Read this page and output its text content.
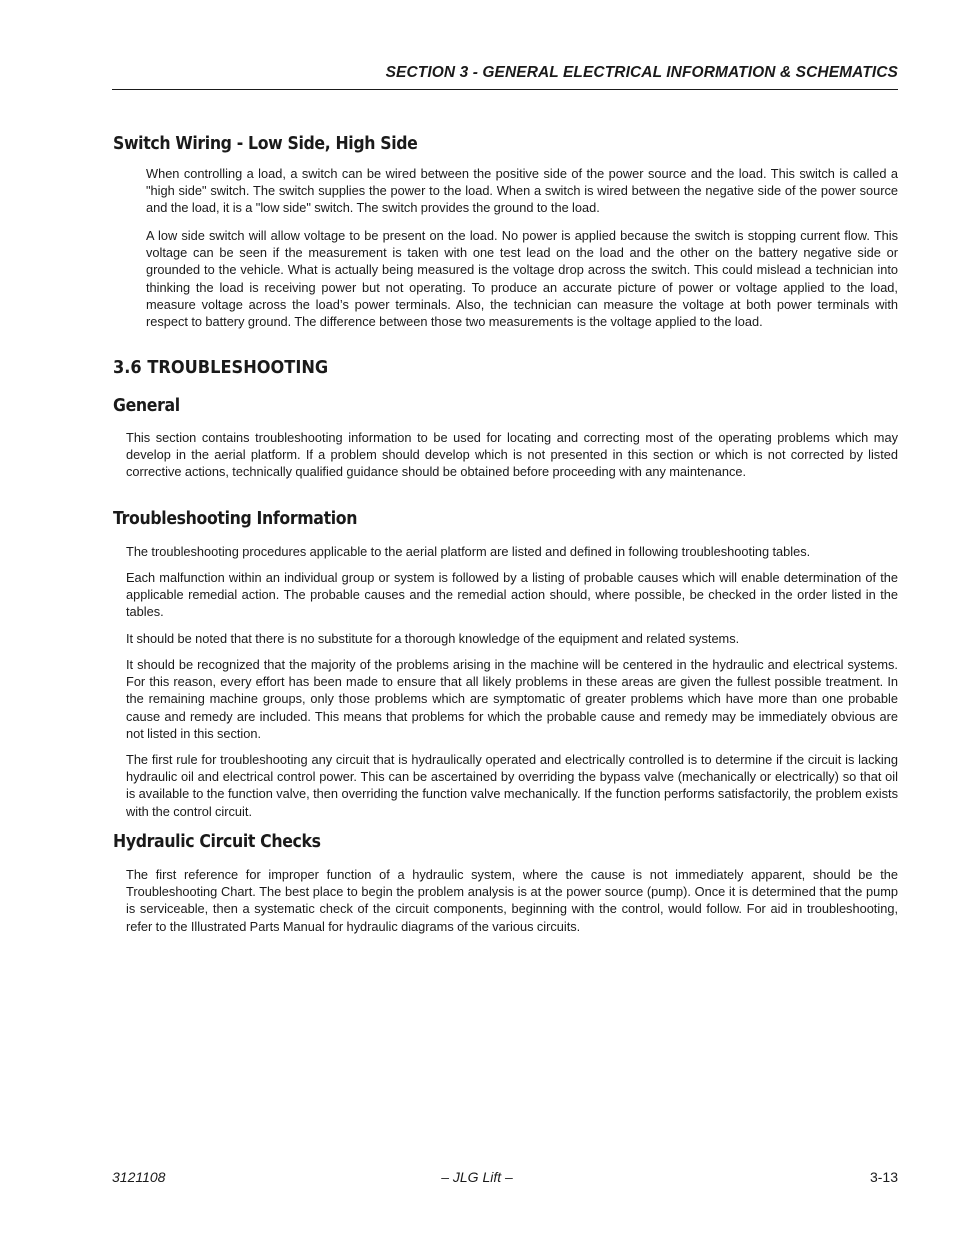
SECTION 3 - GENERAL ELECTRICAL INFORMATION & SCHEMATICS
Switch Wiring - Low Side, High Side
When controlling a load, a switch can be wired between the positive side of the power source and the load. This switch is called a "high side" switch. The switch supplies the power to the load. When a switch is wired between the negative side of the power source and the load, it is a "low side" switch. The switch provides the ground to the load.
A low side switch will allow voltage to be present on the load. No power is applied because the switch is stopping current flow. This voltage can be seen if the measurement is taken with one test lead on the load and the other on the battery negative side or grounded to the vehicle. What is actually being measured is the voltage drop across the switch. This could mislead a technician into thinking the load is receiving power but not operating. To produce an accurate picture of power or voltage applied to the load, measure voltage across the load’s power terminals. Also, the technician can measure the voltage at both power terminals with respect to battery ground. The difference between those two measurements is the voltage applied to the load.
3.6 TROUBLESHOOTING
General
This section contains troubleshooting information to be used for locating and correcting most of the operating problems which may develop in the aerial platform. If a problem should develop which is not presented in this section or which is not corrected by listed corrective actions, technically qualified guidance should be obtained before proceeding with any maintenance.
Troubleshooting Information
The troubleshooting procedures applicable to the aerial platform are listed and defined in following troubleshooting tables.
Each malfunction within an individual group or system is followed by a listing of probable causes which will enable determination of the applicable remedial action. The probable causes and the remedial action should, where possible, be checked in the order listed in the tables.
It should be noted that there is no substitute for a thorough knowledge of the equipment and related systems.
It should be recognized that the majority of the problems arising in the machine will be centered in the hydraulic and electrical systems. For this reason, every effort has been made to ensure that all likely problems in these areas are given the fullest possible treatment. In the remaining machine groups, only those problems which are symptomatic of greater problems which have more than one probable cause and remedy are included. This means that problems for which the probable cause and remedy may be immediately obvious are not listed in this section.
The first rule for troubleshooting any circuit that is hydraulically operated and electrically controlled is to determine if the circuit is lacking hydraulic oil and electrical control power. This can be ascertained by overriding the bypass valve (mechanically or electrically) so that oil is available to the function valve, then overriding the function valve mechanically. If the function performs satisfactorily, the problem exists with the control circuit.
Hydraulic Circuit Checks
The first reference for improper function of a hydraulic system, where the cause is not immediately apparent, should be the Troubleshooting Chart. The best place to begin the problem analysis is at the power source (pump). Once it is determined that the pump is serviceable, then a systematic check of the circuit components, beginning with the control, would follow. For aid in troubleshooting, refer to the Illustrated Parts Manual for hydraulic diagrams of the various circuits.
3121108	– JLG Lift –	3-13
